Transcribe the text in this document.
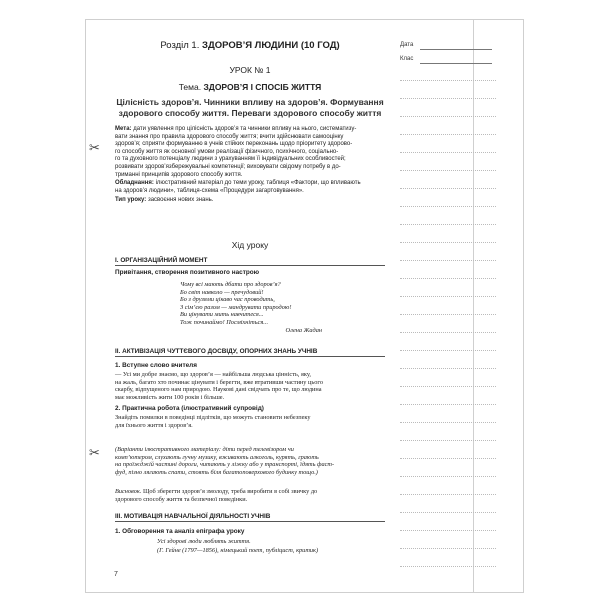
✂
✂
Дата
Клас
Розділ 1. ЗДОРОВ’Я ЛЮДИНИ (10 ГОД)
УРОК № 1
Тема. ЗДОРОВ’Я І СПОСІБ ЖИТТЯ
Цілісність здоров’я. Чинники впливу на здоров’я. Формування
здорового способу життя. Переваги здорового способу життя
Мета: дати уявлення про цілісність здоров’я та чинники впливу на нього, систематизу-
вати знання про правила здорового способу життя; вчити здійснювати самооцінку
здоров’я; сприяти формуванню в учнів стійких переконань щодо пріоритету здорово-
го способу життя як основної умови реалізації фізичного, психічного, соціально-
го та духовного потенціалу людини з урахуванням її індивідуальних особливостей;
розвивати здоров’язбережувальні компетенції; виховувати свідому потребу в до-
триманні принципів здорового способу життя.
Обладнання: ілюстративний матеріал до теми уроку, таблиця «Фактори, що впливають
на здоров’я людини», таблиця-схема «Процедури загартовування».
Тип уроку: засвоєння нових знань.
Хід уроку
І. ОРГАНІЗАЦІЙНИЙ МОМЕНТ
Привітання, створення позитивного настрою
Чому всі мають дбати про здоров’я?
Бо світ навколо — пречудовий!
Бо з друзями цікаво час проводить,
З сім’єю разом — мандрувати природою!
Ви цінувати мить навчитеся...
Тож починаймо! Посміхніться...
Олена Жадан
ІІ. АКТИВІЗАЦІЯ ЧУТТЄВОГО ДОСВІДУ, ОПОРНИХ ЗНАНЬ УЧНІВ
1. Вступне слово вчителя
— Усі ми добре знаємо, що здоров’я — найбільша людська цінність, яку,
на жаль, багато хто починає цінувати і берегти, вже втративши частину цього
скарбу, відпущеного нам природою. Наукові дані свідчать про те, що людина
має можливість жити 100 років і більше.
2. Практична робота (ілюстративний супровід)
Знайдіть помилки в поведінці підлітків, що можуть становити небезпеку
для їхнього життя і здоров’я.
(Варіанти ілюстративного матеріалу: діти перед телевізором чи
комп’ютером, слухають гучну музику, вживають алкоголь, курять, грають
на проїжджій частині дороги, читають у ліжку або у транспорті, їдять фаст-
фуд, пізно лягають спати, стоять біля багатоповерхового будинку тощо.)
Висновок. Щоб зберегти здоров’я змолоду, треба виробити в собі звичку до
здорового способу життя та безпечної поведінки.
ІІІ. МОТИВАЦІЯ НАВЧАЛЬНОЇ ДІЯЛЬНОСТІ УЧНІВ
1. Обговорення та аналіз епіграфа уроку
Усі здорові люди люблять життя.
(Г. Гейне (1797—1856), німецький поет, публіцист, критик)
7
